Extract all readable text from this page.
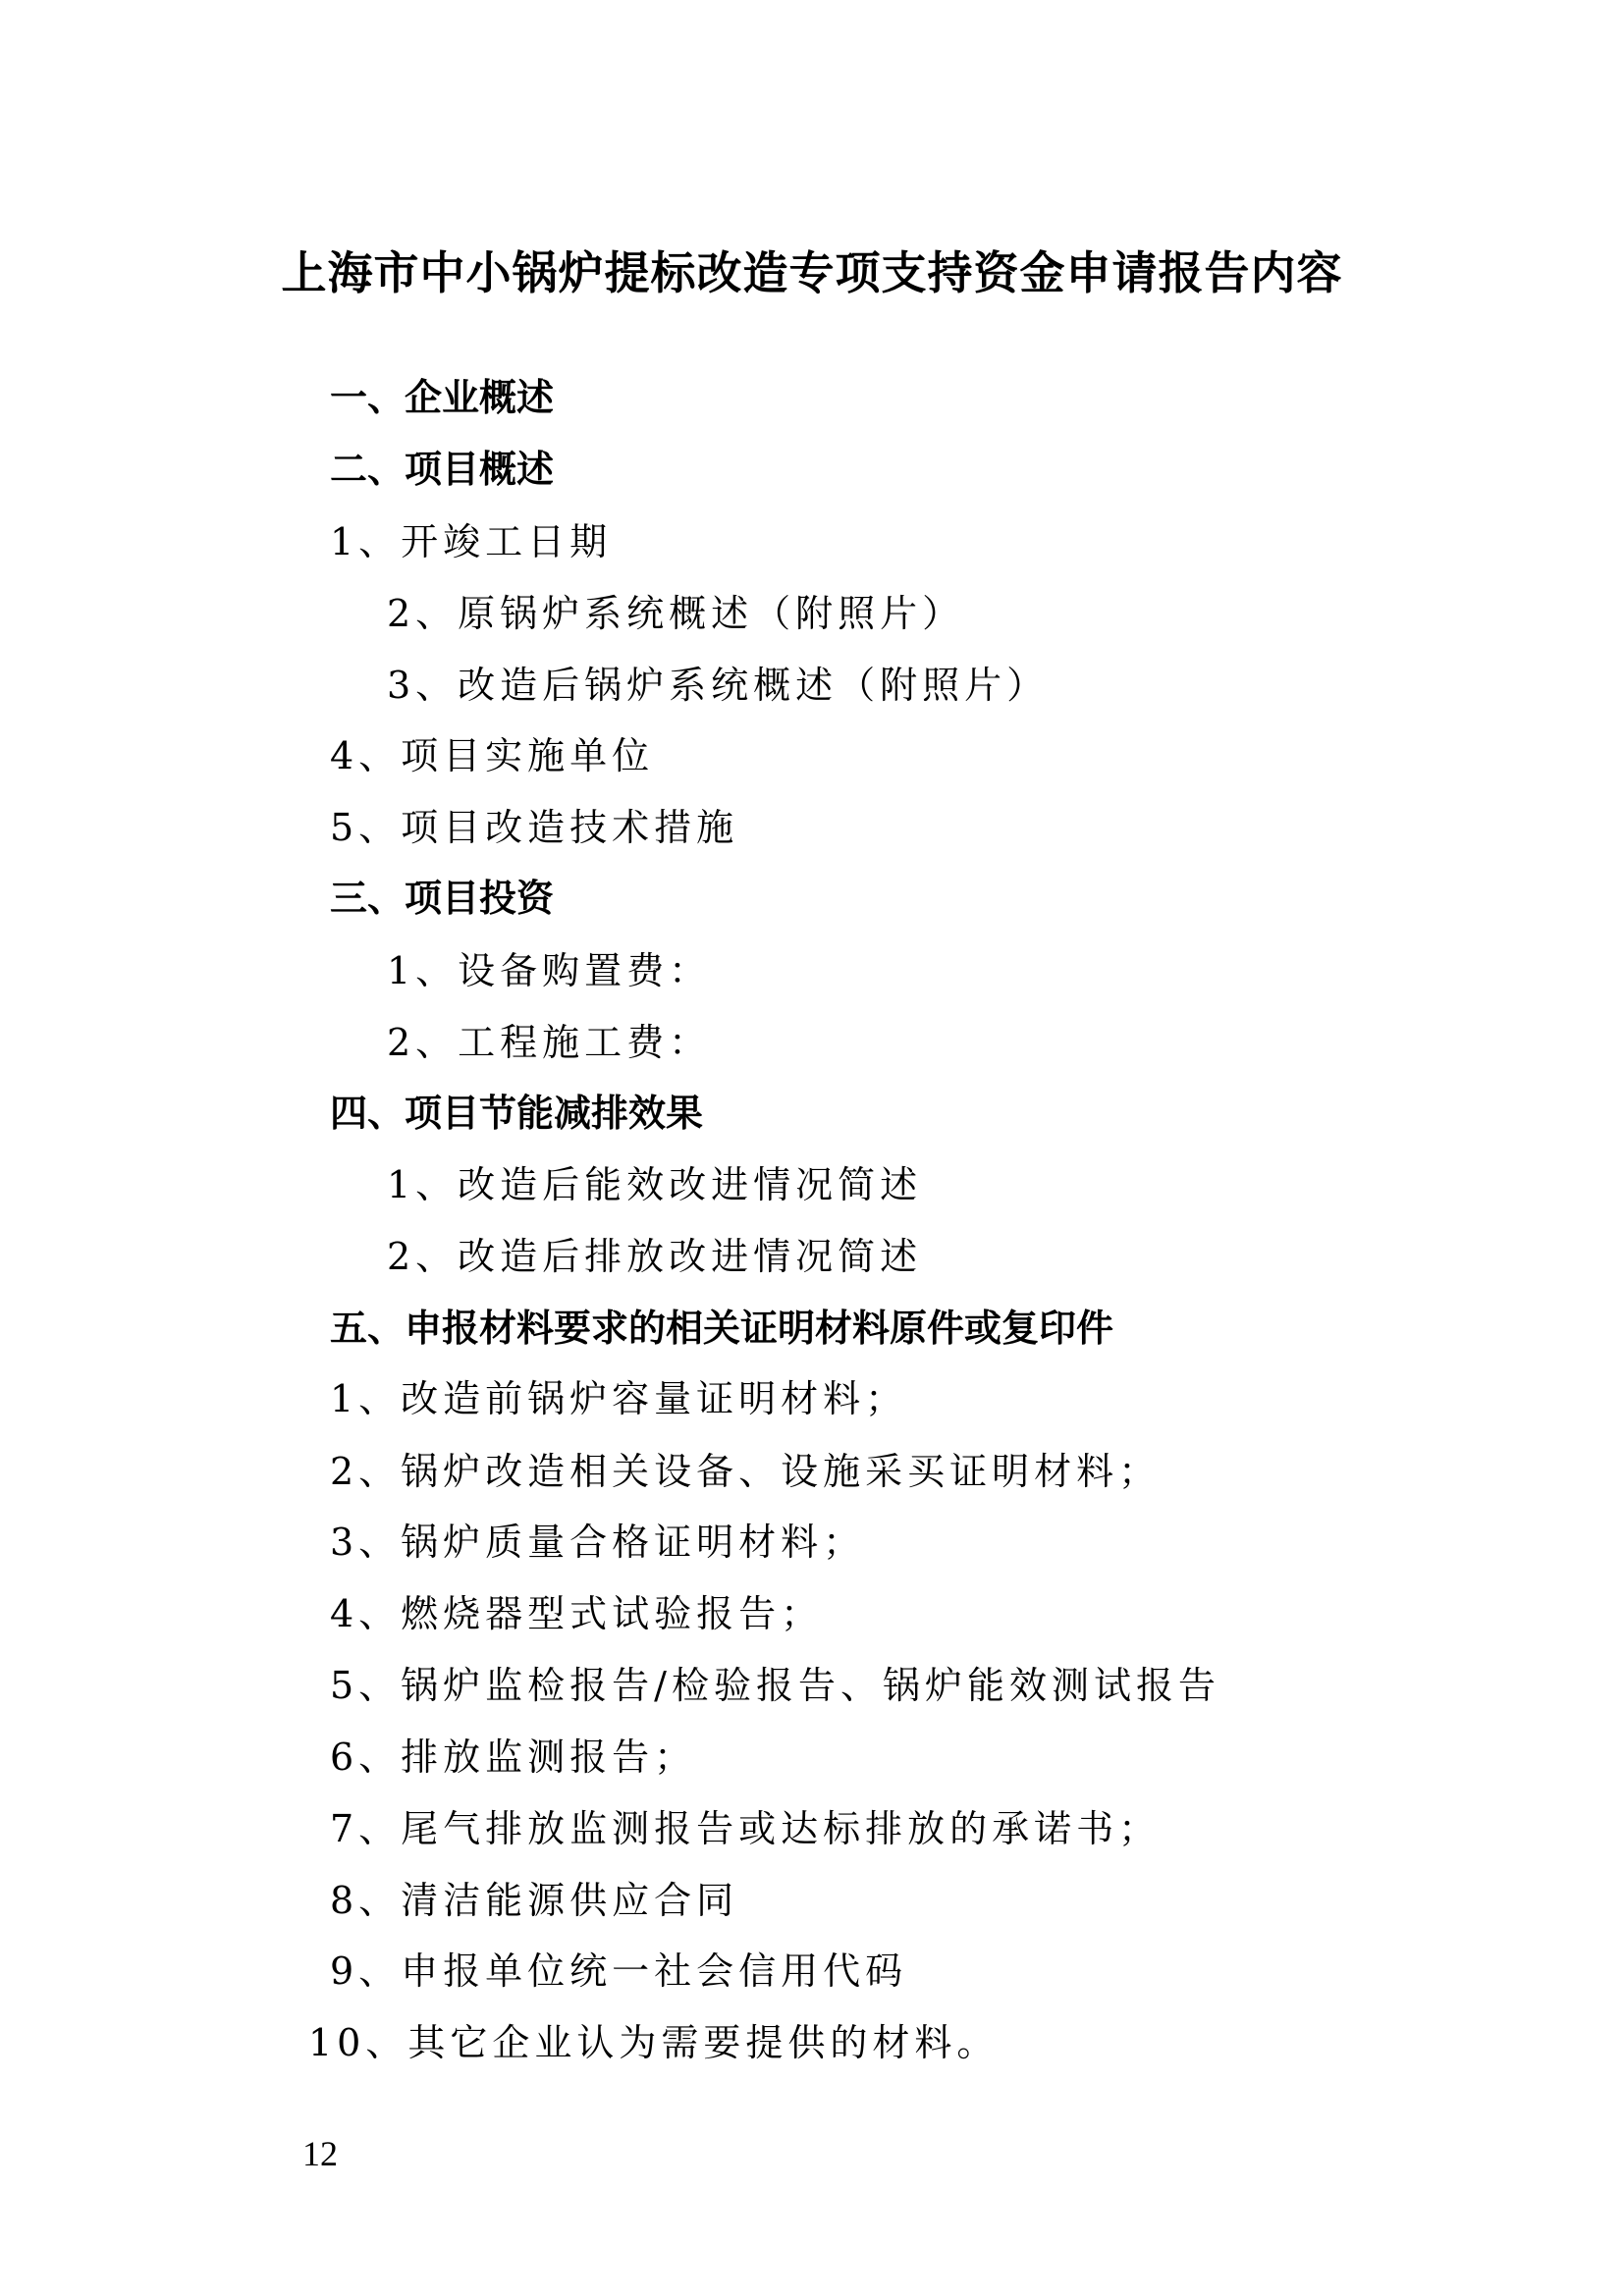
上海市中小锅炉提标改造专项支持资金申请报告内容
一、企业概述
二、项目概述
1、开竣工日期
2、原锅炉系统概述（附照片）
3、改造后锅炉系统概述（附照片）
4、项目实施单位
5、项目改造技术措施
三、项目投资
1、设备购置费：
2、工程施工费：
四、项目节能减排效果
1、改造后能效改进情况简述
2、改造后排放改进情况简述
五、申报材料要求的相关证明材料原件或复印件
1、改造前锅炉容量证明材料；
2、锅炉改造相关设备、设施采买证明材料；
3、锅炉质量合格证明材料；
4、燃烧器型式试验报告；
5、锅炉监检报告/检验报告、锅炉能效测试报告
6、排放监测报告；
7、尾气排放监测报告或达标排放的承诺书；
8、清洁能源供应合同
9、申报单位统一社会信用代码
10、其它企业认为需要提供的材料。
12
